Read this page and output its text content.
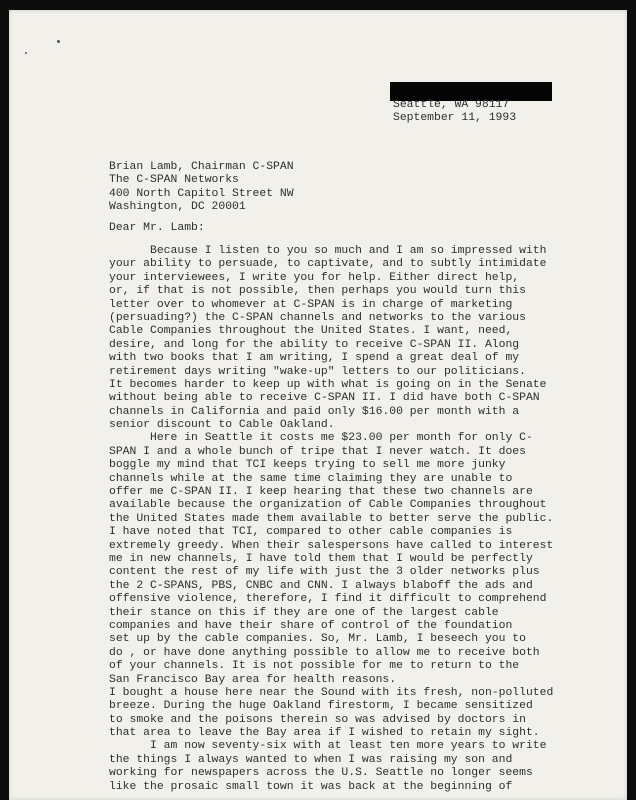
Seattle, WA 98117
September 11, 1993
Brian Lamb, Chairman C-SPAN
The C-SPAN Networks
400 North Capitol Street NW
Washington, DC 20001
Dear Mr. Lamb:
Because I listen to you so much and I am so impressed with
your ability to persuade, to captivate, and to subtly intimidate
your interviewees, I write you for help. Either direct help,
or, if that is not possible, then perhaps you would turn this
letter over to whomever at C-SPAN is in charge of marketing
(persuading?) the C-SPAN channels and networks to the various
Cable Companies throughout the United States. I want, need,
desire, and long for the ability to receive C-SPAN II. Along
with two books that I am writing, I spend a great deal of my
retirement days writing "wake-up" letters to our politicians.
It becomes harder to keep up with what is going on in the Senate
without being able to receive C-SPAN II. I did have both C-SPAN
channels in California and paid only $16.00 per month with a
senior discount to Cable Oakland.
Here in Seattle it costs me $23.00 per month for only C-
SPAN I and a whole bunch of tripe that I never watch. It does
boggle my mind that TCI keeps trying to sell me more junky
channels while at the same time claiming they are unable to
offer me C-SPAN II. I keep hearing that these two channels are
available because the organization of Cable Companies throughout
the United States made them available to better serve the public.
I have noted that TCI, compared to other cable companies is
extremely greedy. When their salespersons have called to interest
me in new channels, I have told them that I would be perfectly
content the rest of my life with just the 3 older networks plus
the 2 C-SPANS, PBS, CNBC and CNN. I always blaboff the ads and
offensive violence, therefore, I find it difficult to comprehend
their stance on this if they are one of the largest cable
companies and have their share of control of the foundation
set up by the cable companies. So, Mr. Lamb, I beseech you to
do , or have done anything possible to allow me to receive both
of your channels. It is not possible for me to return to the
San Francisco Bay area for health reasons.
I bought a house here near the Sound with its fresh, non-polluted
breeze. During the huge Oakland firestorm, I became sensitized
to smoke and the poisons therein so was advised by doctors in
that area to leave the Bay area if I wished to retain my sight.
I am now seventy-six with at least ten more years to write
the things I always wanted to when I was raising my son and
working for newspapers across the U.S. Seattle no longer seems
like the prosaic small town it was back at the beginning of
